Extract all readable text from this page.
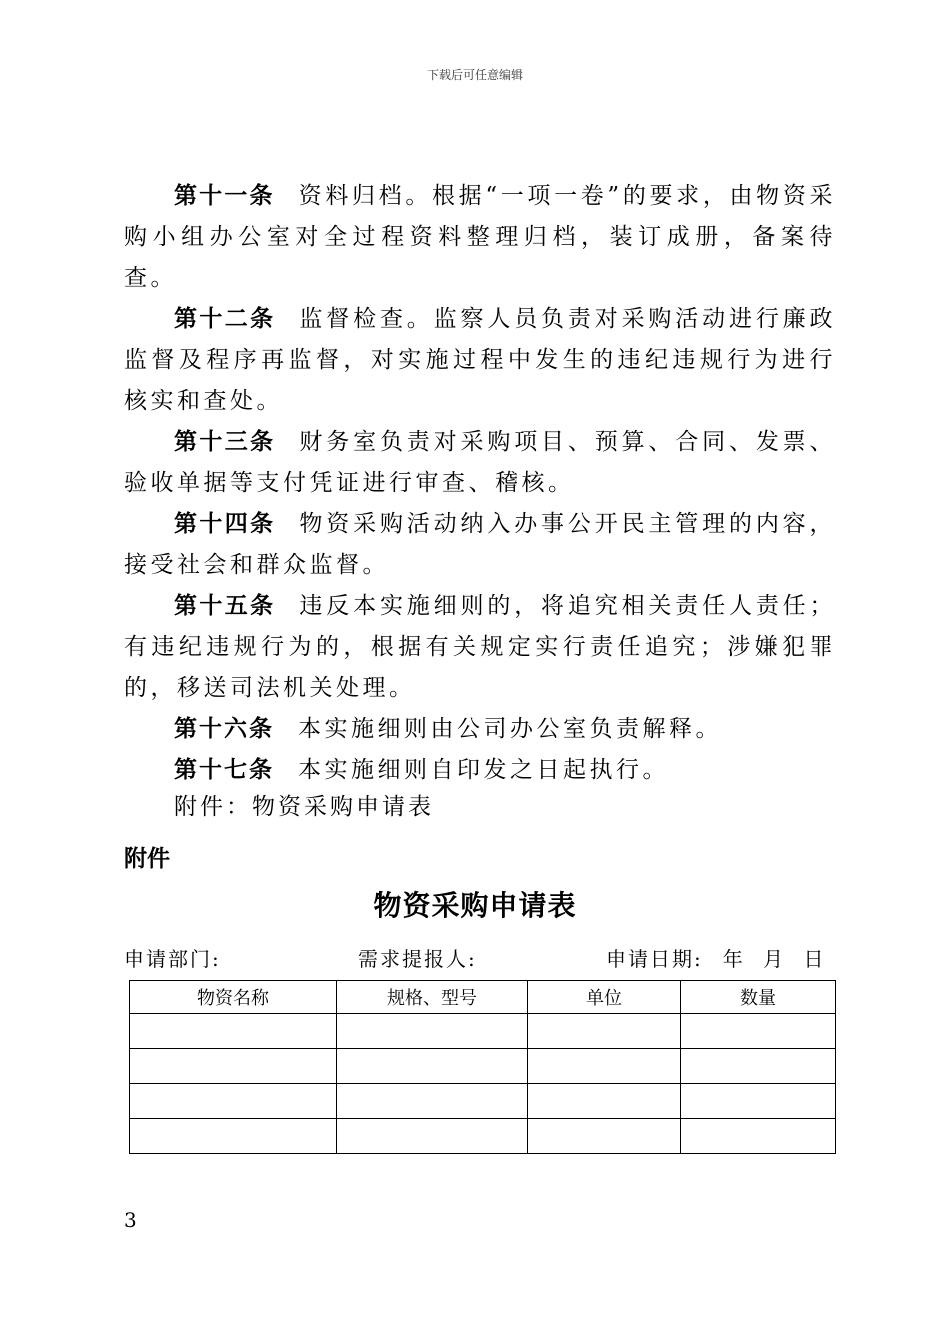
下载后可任意编辑

第十一条 资料归档。根据“一项一卷”的要求，由物资采购小组办公室对全过程资料整理归档，装订成册，备案待查。

第十二条 监督检查。监察人员负责对采购活动进行廉政监督及程序再监督，对实施过程中发生的违纪违规行为进行核实和查处。

第十三条 财务室负责对采购项目、预算、合同、发票、验收单据等支付凭证进行审查、稽核。

第十四条 物资采购活动纳入办事公开民主管理的内容，接受社会和群众监督。

第十五条 违反本实施细则的，将追究相关责任人责任；有违纪违规行为的，根据有关规定实行责任追究；涉嫌犯罪的，移送司法机关处理。

第十六条 本实施细则由公司办公室负责解释。

第十七条 本实施细则自印发之日起执行。

附件：物资采购申请表
附件
物资采购申请表
申请部门:	需求提报人:	申请日期: 年 月 日
物资名称	规格、型号	单位	数量

3
